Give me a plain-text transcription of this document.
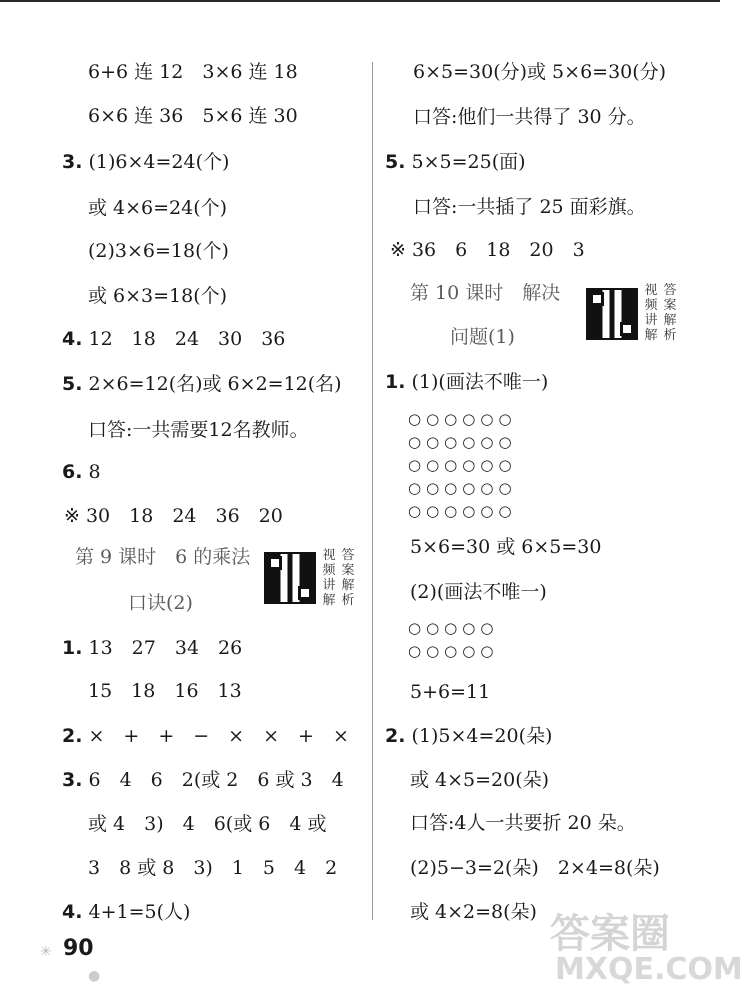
6+6 连 12　3×6 连 18
6×6 连 36　5×6 连 30
3. (1)6×4=24(个)
或 4×6=24(个)
(2)3×6=18(个)
或 6×3=18(个)
4. 12　18　24　30　36
5. 2×6=12(名)或 6×2=12(名)
口答:一共需要12名教师。
6. 8
※ 30　18　24　36　20
第 9 课时　6 的乘法
口诀(2)
视频讲解
答案解析
1. 13　27　34　26
15　18　16　13
2. ×　+　+　−　×　×　+　×
3. 6　4　6　2(或 2　6 或 3　4
或 4　3)　4　6(或 6　4 或
3　8 或 8　3)　1　5　4　2
4. 4+1=5(人)
6×5=30(分)或 5×6=30(分)
口答:他们一共得了 30 分。
5. 5×5=25(面)
口答:一共插了 25 面彩旗。
※ 36　6　18　20　3
第 10 课时　解决
问题(1)
视频讲解
答案解析
1. (1)(画法不唯一)
○○○○○○
○○○○○○
○○○○○○
○○○○○○
○○○○○○
5×6=30 或 6×5=30
(2)(画法不唯一)
○○○○○
○○○○○
5+6=11
2. (1)5×4=20(朵)
或 4×5=20(朵)
口答:4人一共要折 20 朵。
(2)5−3=2(朵)　2×4=8(朵)
或 4×2=8(朵)
✳ 90
●
答案圈
MXQE.COM
